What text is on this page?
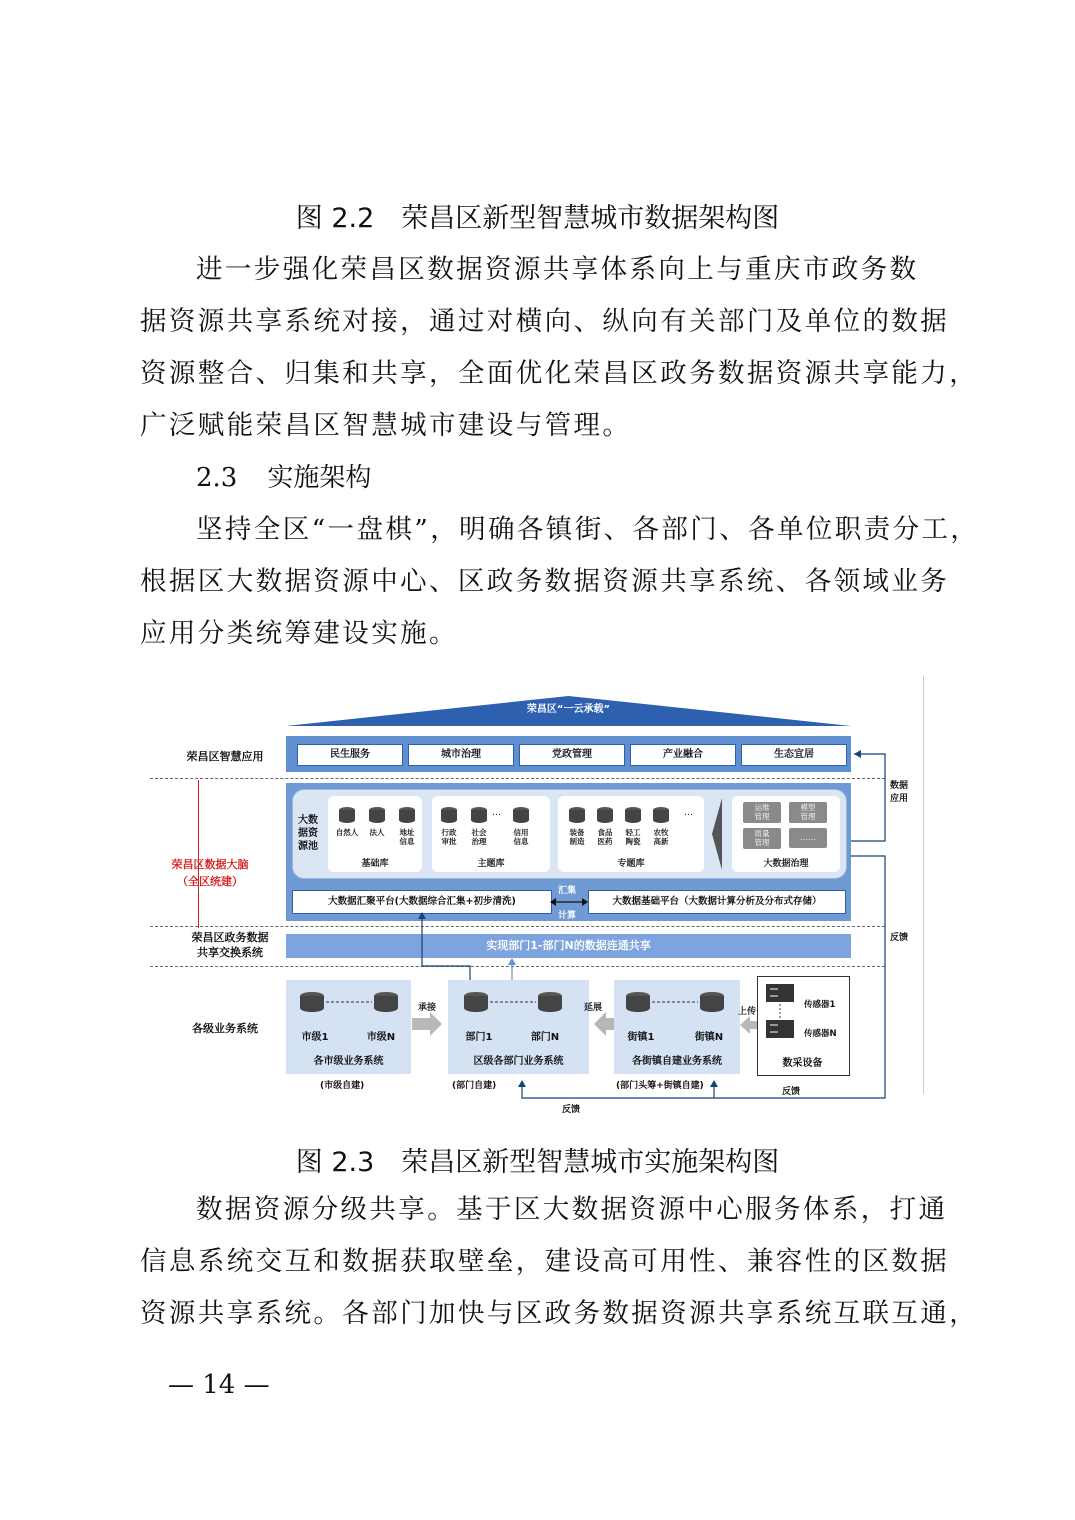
图 2.2　荣昌区新型智慧城市数据架构图

进一步强化荣昌区数据资源共享体系向上与重庆市政务数
据资源共享系统对接，通过对横向、纵向有关部门及单位的数据
资源整合、归集和共享，全面优化荣昌区政务数据资源共享能力，
广泛赋能荣昌区智慧城市建设与管理。

2.3 实施架构

坚持全区“一盘棋”，明确各镇街、各部门、各单位职责分工，
根据区大数据资源中心、区政务数据资源共享系统、各领域业务
应用分类统筹建设实施。

荣昌区“一云承载”
荣昌区智慧应用
荣昌区数据大脑
（全区统建）
荣昌区政务数据
共享交换系统
各级业务系统
民生服务	城市治理	党政管理	产业融合	生态宜居
大数
据资
源池
自然人	法人	地址
信息
基础库
…
行政
审批
社会
治理
信用
信息
主题库
…
装备
制造
食品
医药
轻工
陶瓷
农牧
高新
专题库
运维
管理
模型
管理
质量
管理
……
大数据治理
大数据汇聚平台(大数据综合汇集+初步清洗)	大数据基础平台（大数据计算分析及分布式存储）
汇集
计算
实现部门1-部门N的数据连通共享
数据
应用
反馈
市级1	市级N
各市级业务系统
(市级自建)
承接
部门1	部门N
区级各部门业务系统
(部门自建)
延展
街镇1	街镇N
各街镇自建业务系统
(部门头筹+街镇自建)
上传
传感器1
传感器N
数采设备
反馈
反馈
图 2.3　荣昌区新型智慧城市实施架构图

数据资源分级共享。基于区大数据资源中心服务体系，打通
信息系统交互和数据获取壁垒，建设高可用性、兼容性的区数据
资源共享系统。各部门加快与区政务数据资源共享系统互联互通，

— 14 —
